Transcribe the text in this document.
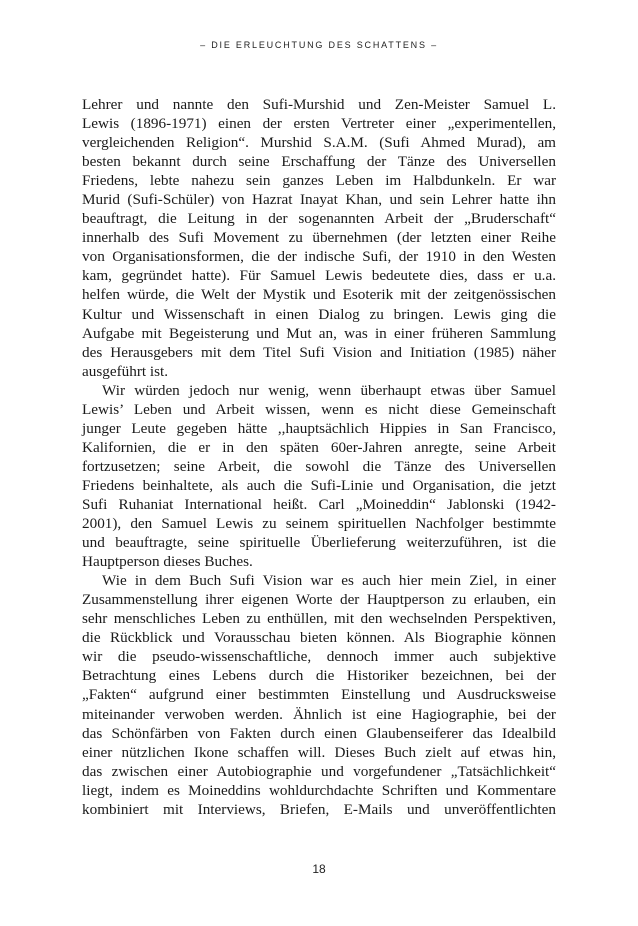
– DIE ERLEUCHTUNG DES SCHATTENS –
Lehrer und nannte den Sufi-Murshid und Zen-Meister Samuel L.
Lewis (1896-1971) einen der ersten Vertreter einer „experimentellen,
vergleichenden Religion“. Murshid S.A.M. (Sufi Ahmed Murad), am
besten bekannt durch seine Erschaffung der Tänze des Universellen
Friedens, lebte nahezu sein ganzes Leben im Halbdunkeln. Er war
Murid (Sufi-Schüler) von Hazrat Inayat Khan, und sein Lehrer hatte ihn
beauftragt, die Leitung in der sogenannten Arbeit der „Bruderschaft“
innerhalb des Sufi Movement zu übernehmen (der letzten einer Reihe
von Organisationsformen, die der indische Sufi, der 1910 in den Westen
kam, gegründet hatte). Für Samuel Lewis bedeutete dies, dass er u.a.
helfen würde, die Welt der Mystik und Esoterik mit der zeitgenössischen
Kultur und Wissenschaft in einen Dialog zu bringen. Lewis ging die
Aufgabe mit Begeisterung und Mut an, was in einer früheren Sammlung
des Herausgebers mit dem Titel Sufi Vision and Initiation (1985) näher
ausgeführt ist.
Wir würden jedoch nur wenig, wenn überhaupt etwas über Samuel
Lewis’ Leben und Arbeit wissen, wenn es nicht diese Gemeinschaft
junger Leute gegeben hätte ,,hauptsächlich Hippies in San Francisco,
Kalifornien, die er in den späten 60er-Jahren anregte, seine Arbeit
fortzusetzen; seine Arbeit, die sowohl die Tänze des Universellen
Friedens beinhaltete, als auch die Sufi-Linie und Organisation, die jetzt
Sufi Ruhaniat International heißt. Carl „Moineddin“ Jablonski (1942-
2001), den Samuel Lewis zu seinem spirituellen Nachfolger bestimmte
und beauftragte, seine spirituelle Überlieferung weiterzuführen, ist die
Hauptperson dieses Buches.
Wie in dem Buch Sufi Vision war es auch hier mein Ziel, in einer
Zusammenstellung ihrer eigenen Worte der Hauptperson zu erlauben, ein
sehr menschliches Leben zu enthüllen, mit den wechselnden Perspektiven,
die Rückblick und Vorausschau bieten können. Als Biographie können
wir die pseudo-wissenschaftliche, dennoch immer auch subjektive
Betrachtung eines Lebens durch die Historiker bezeichnen, bei der
„Fakten“ aufgrund einer bestimmten Einstellung und Ausdrucksweise
miteinander verwoben werden. Ähnlich ist eine Hagiographie, bei der
das Schönfärben von Fakten durch einen Glaubenseiferer das Idealbild
einer nützlichen Ikone schaffen will. Dieses Buch zielt auf etwas hin,
das zwischen einer Autobiographie und vorgefundener „Tatsächlichkeit“
liegt, indem es Moineddins wohldurchdachte Schriften und Kommentare
kombiniert mit Interviews, Briefen, E-Mails und unveröffentlichten
18
